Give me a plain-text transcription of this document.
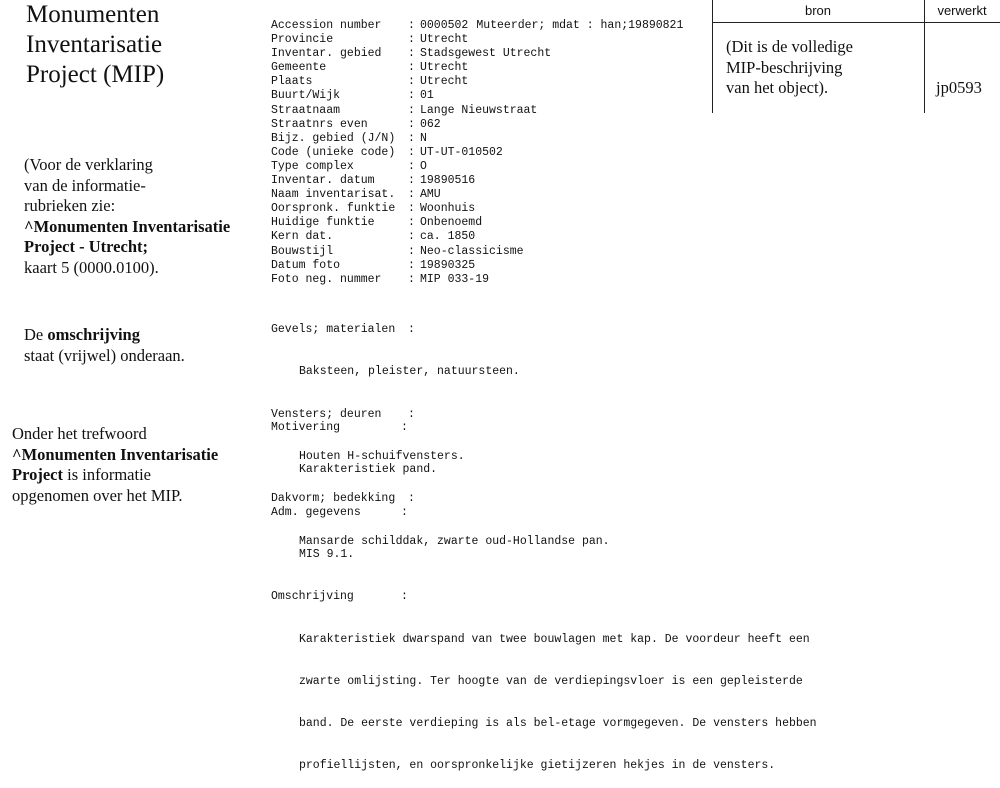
Monumenten
Inventarisatie
Project (MIP)
(Voor de verklaring
van de informatie-
rubrieken zie:
^Monumenten Inventarisatie
Project - Utrecht;
kaart 5 (0000.0100).
De omschrijving
staat (vrijwel) onderaan.
Onder het trefwoord
^Monumenten Inventarisatie
Project is informatie
opgenomen over het MIP.
Accession number : 0000502 Muteerder; mdat : han;19890821
Provincie	: Utrecht
Inventar. gebied : Stadsgewest Utrecht
Gemeente	: Utrecht
Plaats	: Utrecht
Buurt/Wijk	: 01
Straatnaam	: Lange Nieuwstraat
Straatnrs even	: 062
Bijz. gebied (J/N) : N
Code (unieke code) : UT-UT-010502
Type complex	: O
Inventar. datum	: 19890516
Naam inventarisat. : AMU
Oorspronk. funktie : Woonhuis
Huidige funktie	: Onbenoemd
Kern dat.	: ca. 1850
Bouwstijl	: Neo-classicisme
Datum foto	: 19890325
Foto neg. nummer : MIP 033-19

Gevels; materialen :

Baksteen, pleister, natuursteen.

Vensters; deuren :

Houten H-schuifvensters.

Dakvorm; bedekking :

Mansarde schilddak, zwarte oud-Hollandse pan.

Motivering	:

Karakteristiek pand.

Adm. gegevens	:

MIS 9.1.

Omschrijving	:

Karakteristiek dwarspand van twee bouwlagen met kap. De voordeur heeft een

zwarte omlijsting. Ter hoogte van de verdiepingsvloer is een gepleisterde

band. De eerste verdieping is als bel-etage vormgegeven. De vensters hebben

profiellijsten, en oorspronkelijke gietijzeren hekjes in de vensters.

bron	verwerkt
(Dit is de volledige
MIP-beschrijving
van het object).	jp0593
